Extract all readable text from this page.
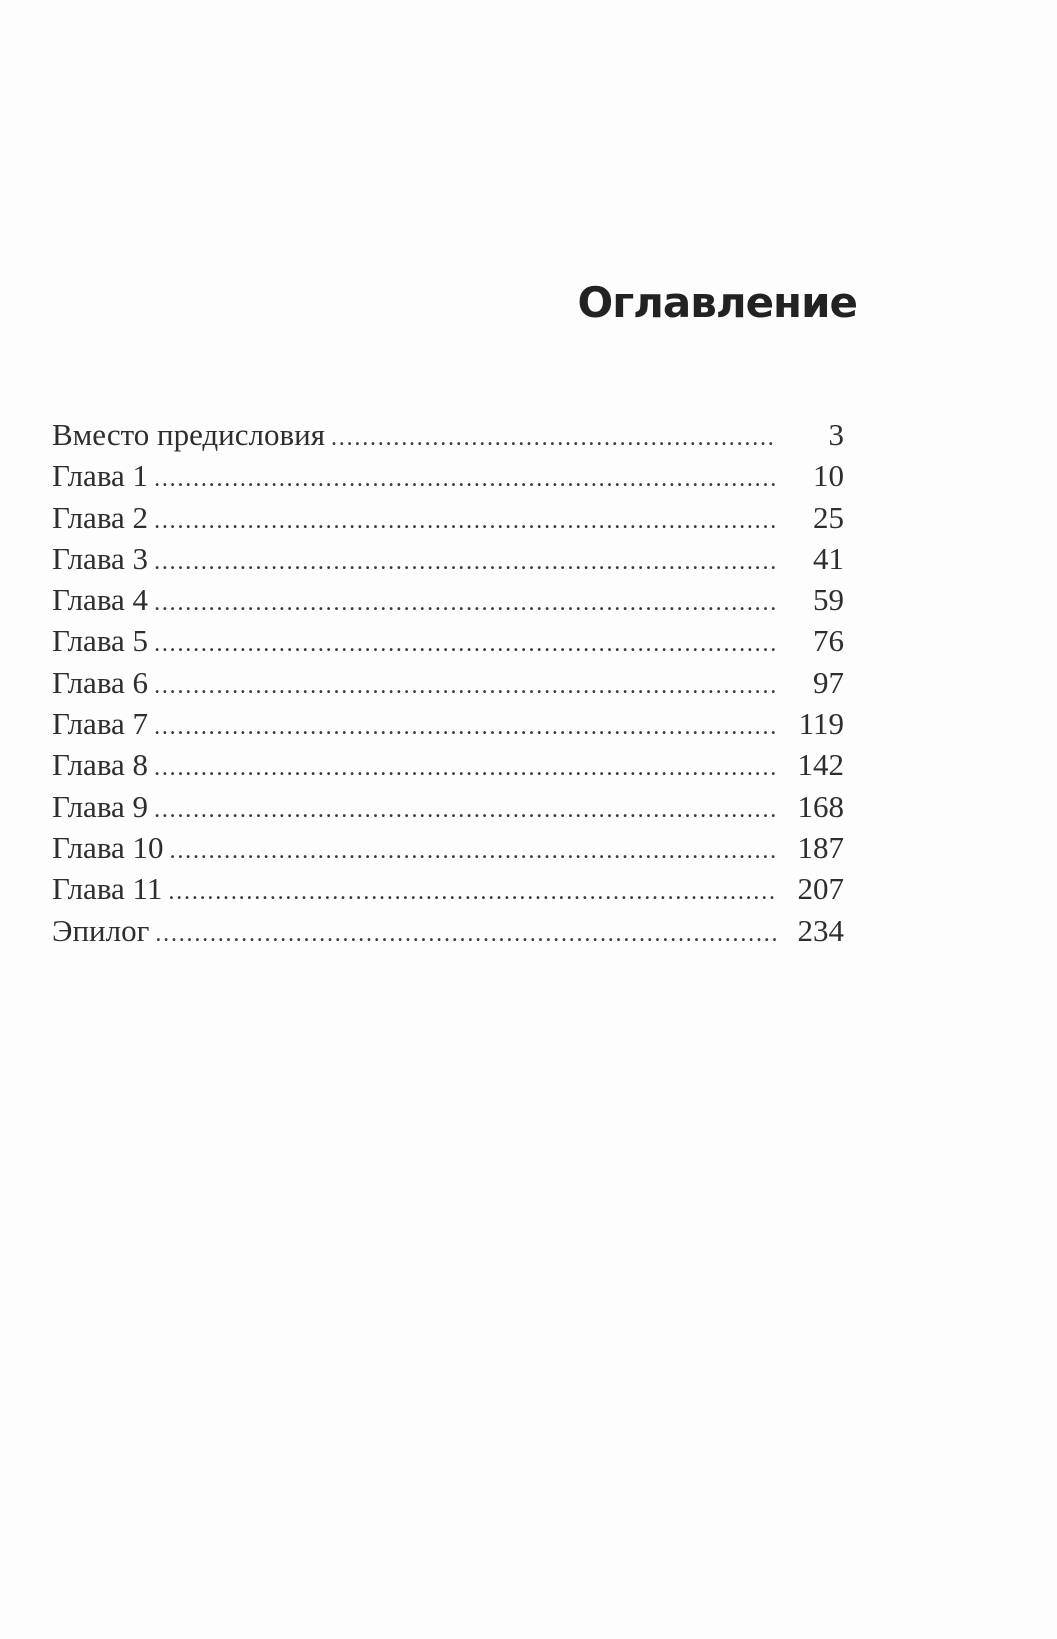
Оглавление
Вместо предисловия . . .	3
Глава 1 . . .	10
Глава 2 . . .	25
Глава 3 . . .	41
Глава 4 . . .	59
Глава 5 . . .	76
Глава 6 . . .	97
Глава 7 . . .	119
Глава 8 . . .	142
Глава 9 . . .	168
Глава 10 . . .	187
Глава 11 . . .	207
Эпилог . . .	234
